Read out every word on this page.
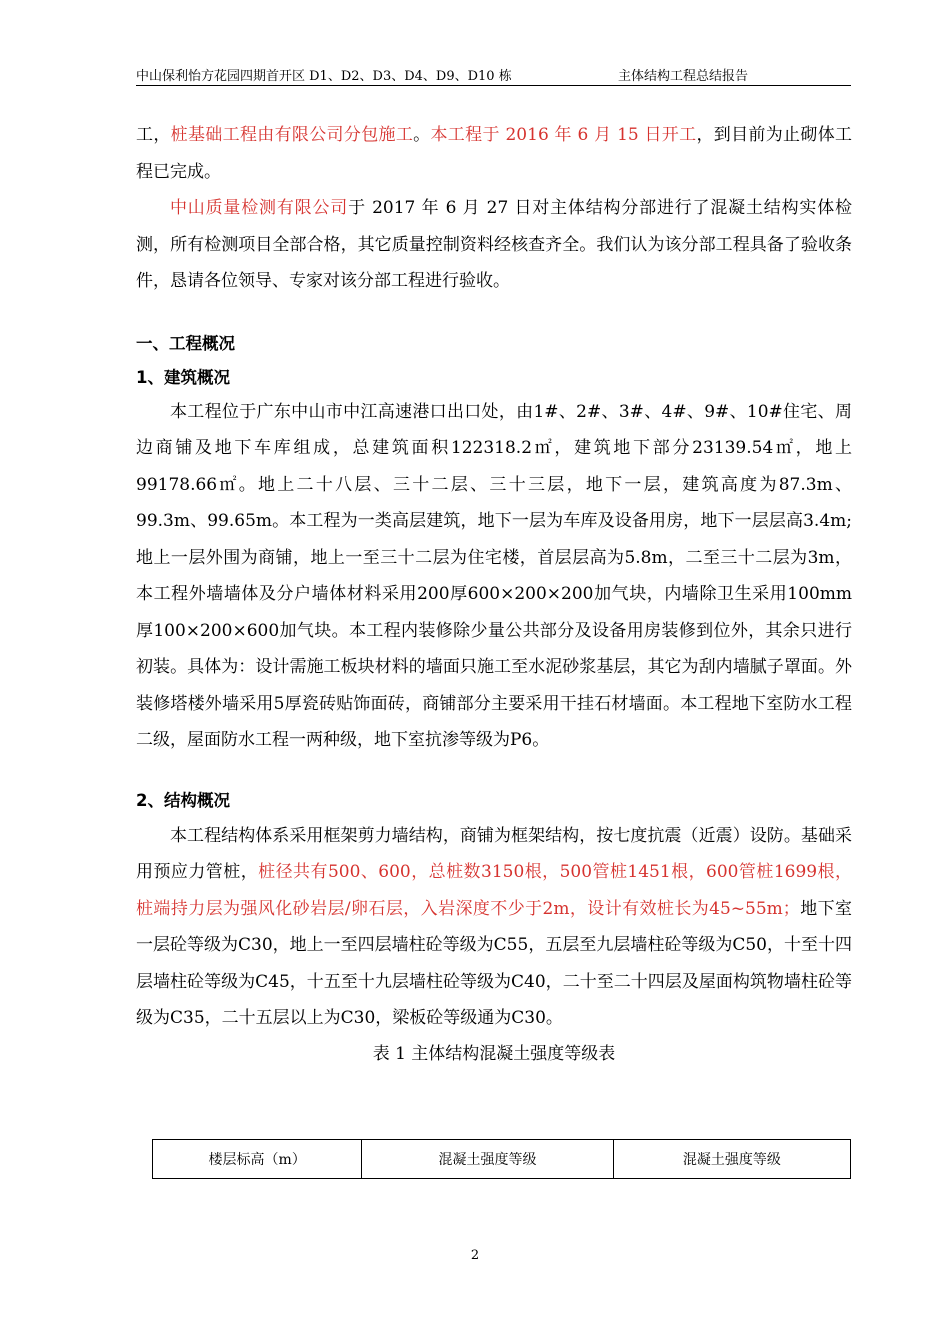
中山保利怡方花园四期首开区 D1、D2、D3、D4、D9、D10 栋	主体结构工程总结报告

工，桩基础工程由有限公司分包施工。本工程于 2016 年 6 月 15 日开工，到目前为止砌体工程已完成。

中山质量检测有限公司于 2017 年 6 月 27 日对主体结构分部进行了混凝土结构实体检测，所有检测项目全部合格，其它质量控制资料经核查齐全。我们认为该分部工程具备了验收条件，恳请各位领导、专家对该分部工程进行验收。

一、工程概况

1、建筑概况

本工程位于广东中山市中江高速港口出口处，由1#、2#、3#、4#、9#、10#住宅、周边商铺及地下车库组成，总建筑面积122318.2㎡，建筑地下部分23139.54㎡，地上99178.66㎡。地上二十八层、三十二层、三十三层，地下一层，建筑高度为87.3m、99.3m、99.65m。本工程为一类高层建筑，地下一层为车库及设备用房，地下一层层高3.4m;地上一层外围为商铺，地上一至三十二层为住宅楼，首层层高为5.8m，二至三十二层为3m，本工程外墙墙体及分户墙体材料采用200厚600×200×200加气块，内墙除卫生采用100mm 厚100×200×600加气块。本工程内装修除少量公共部分及设备用房装修到位外，其余只进行初装。具体为：设计需施工板块材料的墙面只施工至水泥砂浆基层，其它为刮内墙腻子罩面。外装修塔楼外墙采用5厚瓷砖贴饰面砖，商铺部分主要采用干挂石材墙面。本工程地下室防水工程二级，屋面防水工程一两种级，地下室抗渗等级为P6。

2、结构概况

本工程结构体系采用框架剪力墙结构，商铺为框架结构，按七度抗震（近震）设防。基础采用预应力管桩，桩径共有500、600，总桩数3150根，500管桩1451根，600管桩1699根，桩端持力层为强风化砂岩层/卵石层，入岩深度不少于2m，设计有效桩长为45~55m；地下室一层砼等级为C30，地上一至四层墙柱砼等级为C55，五层至九层墙柱砼等级为C50，十至十四层墙柱砼等级为C45，十五至十九层墙柱砼等级为C40，二十至二十四层及屋面构筑物墙柱砼等级为C35，二十五层以上为C30，梁板砼等级通为C30。

表 1 主体结构混凝土强度等级表

楼层标高（m）	混凝土强度等级	混凝土强度等级
2
